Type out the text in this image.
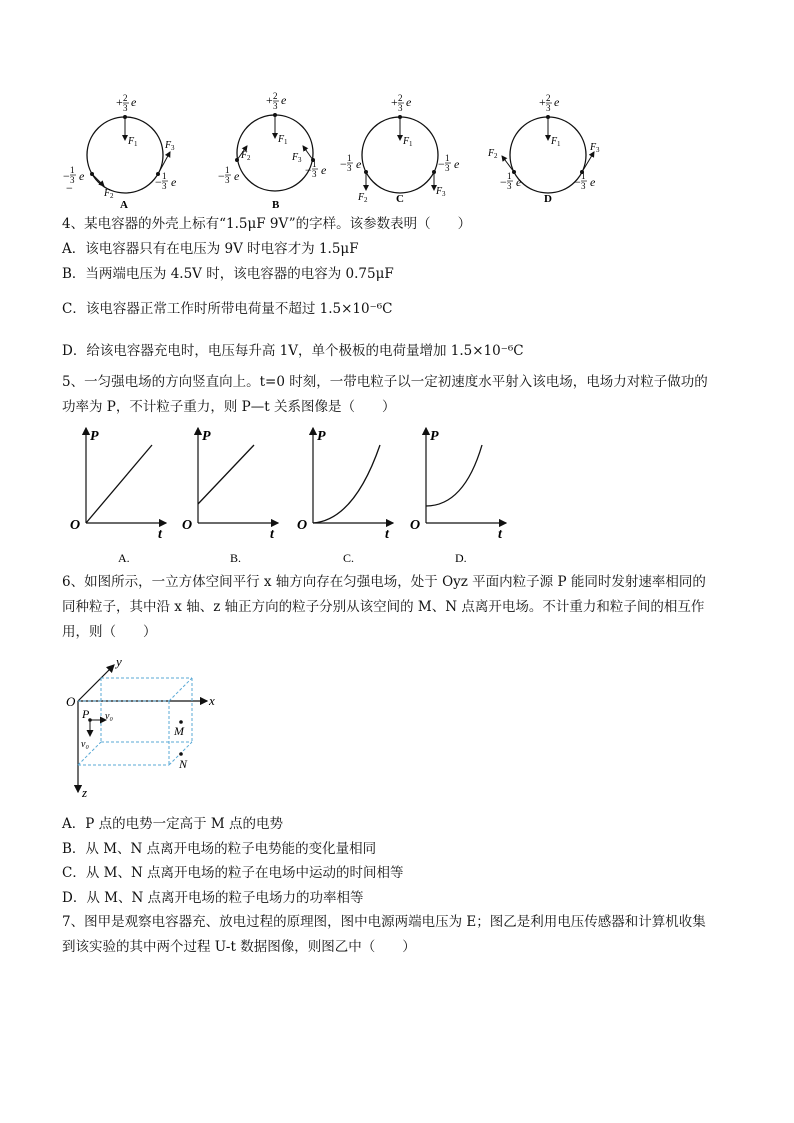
+ 2
3 e
F 1
F 2
F 3
− 1
3 e
−	− 1
3 e
A
+ 2
3 e
F 1
F 2	F 3
− 1
3 e	− 1
3 e
B
+ 2
3 e
F 1
F 2
F 3
− 1
3 e	− 1
3 e
C
+ 2
3 e
F 1
F 2
F 3
− 1
3 e	− 1
3 e
D
4、某电容器的外壳上标有“1.5μF 9V”的字样。该参数表明（　　）
A．该电容器只有在电压为 9V 时电容才为 1.5μF
B．当两端电压为 4.5V 时，该电容器的电容为 0.75μF
C．该电容器正常工作时所带电荷量不超过 1.5×10⁻⁶C
D．给该电容器充电时，电压每升高 1V，单个极板的电荷量增加 1.5×10⁻⁶C
5、一匀强电场的方向竖直向上。t=0 时刻，一带电粒子以一定初速度水平射入该电场，电场力对粒子做功的
功率为 P，不计粒子重力，则 P—t 关系图像是（　　）
P
t
O
A.
P
t
O
B.
P
t
O
C.
P
t
O
D.
6、如图所示，一立方体空间平行 x 轴方向存在匀强电场，处于 Oyz 平面内粒子源 P 能同时发射速率相同的
同种粒子，其中沿 x 轴、z 轴正方向的粒子分别从该空间的 M、N 点离开电场。不计重力和粒子间的相互作
用，则（　　）
O	x
y
z
P v₀
v₀
M
N
A．P 点的电势一定高于 M 点的电势
B．从 M、N 点离开电场的粒子电势能的变化量相同
C．从 M、N 点离开电场的粒子在电场中运动的时间相等
D．从 M、N 点离开电场的粒子电场力的功率相等
7、图甲是观察电容器充、放电过程的原理图，图中电源两端电压为 E；图乙是利用电压传感器和计算机收集
到该实验的其中两个过程 U-t 数据图像，则图乙中（　　）
